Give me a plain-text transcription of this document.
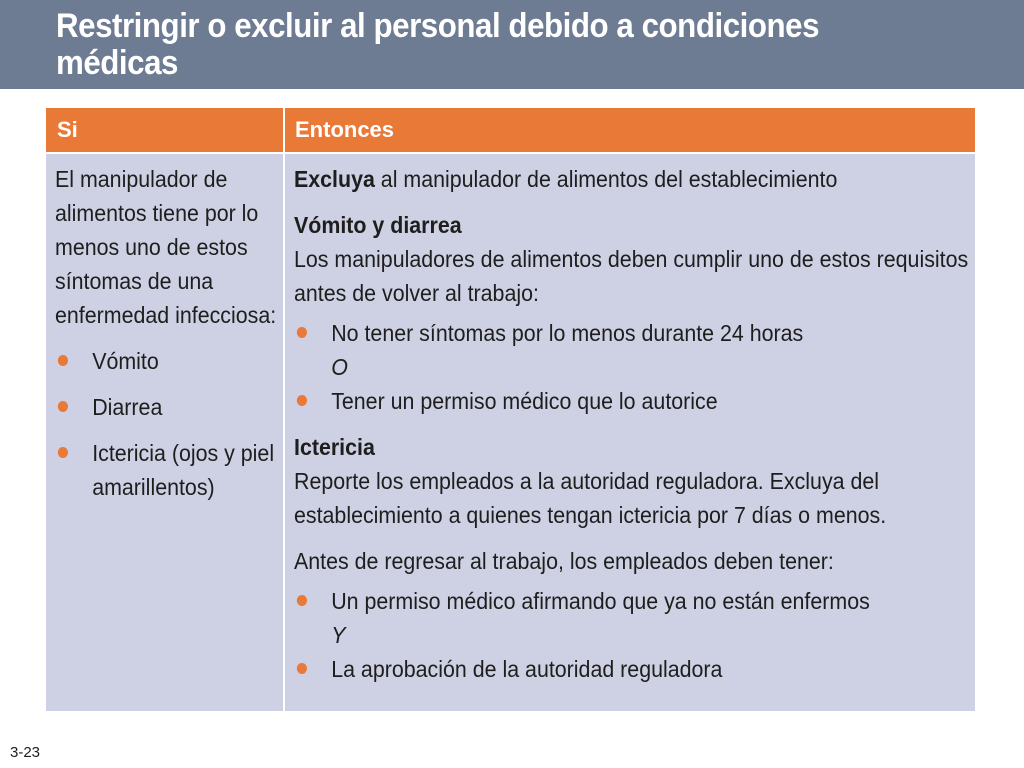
Restringir o excluir al personal debido a condiciones médicas
Si	Entonces

El manipulador de alimentos tiene por lo menos uno de estos síntomas de una enfermedad infecciosa:

Vómito
Diarrea
Ictericia (ojos y piel amarillentos)

Excluya al manipulador de alimentos del establecimiento

Vómito y diarrea

Los manipuladores de alimentos deben cumplir uno de estos requisitos antes de volver al trabajo:

No tener síntomas por lo menos durante 24 horas
O
Tener un permiso médico que lo autorice

Ictericia

Reporte los empleados a la autoridad reguladora. Excluya del establecimiento a quienes tengan ictericia por 7 días o menos.

Antes de regresar al trabajo, los empleados deben tener:

Un permiso médico afirmando que ya no están enfermos
Y
La aprobación de la autoridad reguladora
3-23
